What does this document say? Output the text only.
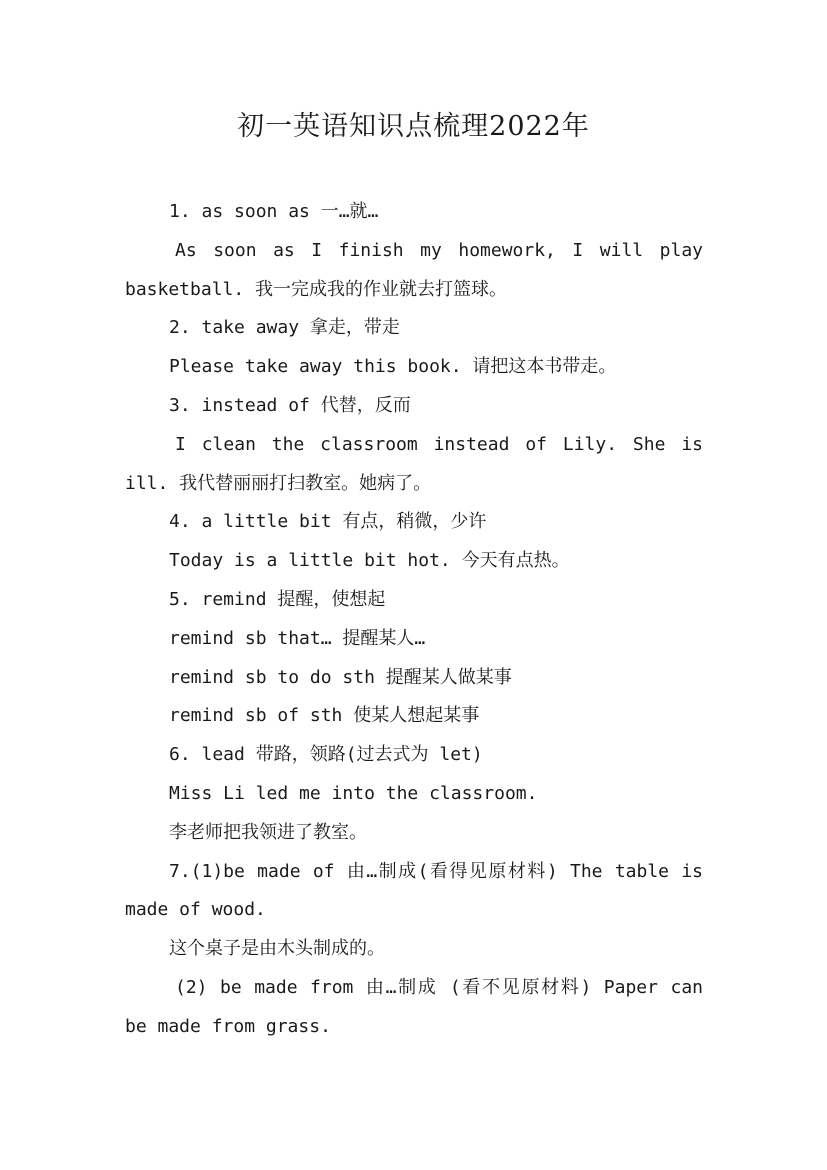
初一英语知识点梳理2022年

1. as soon as 一…就…

As soon as I finish my homework, I will play basketball. 我一完成我的作业就去打篮球。

2. take away 拿走，带走

Please take away this book. 请把这本书带走。

3. instead of 代替，反而

I clean the classroom instead of Lily. She is ill. 我代替丽丽打扫教室。她病了。

4. a little bit 有点，稍微，少许

Today is a little bit hot. 今天有点热。

5. remind 提醒，使想起

remind sb that… 提醒某人…

remind sb to do sth 提醒某人做某事

remind sb of sth 使某人想起某事

6. lead 带路，领路(过去式为 let)

Miss Li led me into the classroom.

李老师把我领进了教室。

7.(1)be made of 由…制成(看得见原材料) The table is made of wood.

这个桌子是由木头制成的。

(2) be made from 由…制成 (看不见原材料) Paper can be made from grass.
